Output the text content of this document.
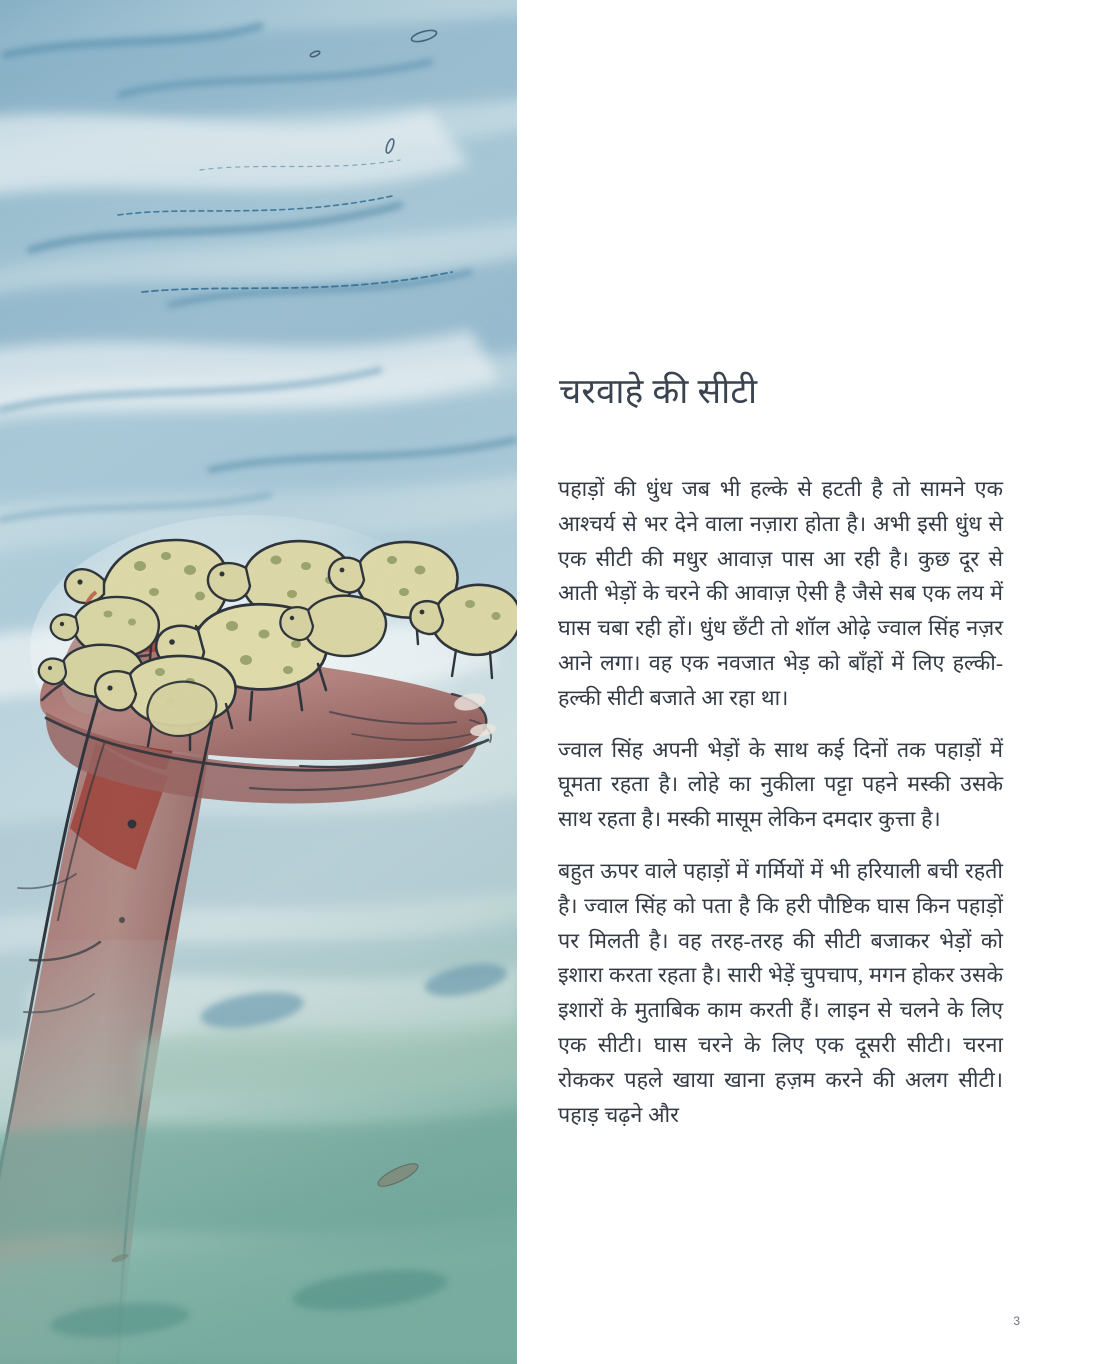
चरवाहे की सीटी

पहाड़ों की धुंध जब भी हल्के से हटती है तो सामने एक आश्चर्य से भर देने वाला नज़ारा होता है। अभी इसी धुंध से एक सीटी की मधुर आवाज़ पास आ रही है। कुछ दूर से आती भेड़ों के चरने की आवाज़ ऐसी है जैसे सब एक लय में घास चबा रही हों। धुंध छँटी तो शॉल ओढ़े ज्वाल सिंह नज़र आने लगा। वह एक नवजात भेड़ को बाँहों में लिए हल्की-हल्की सीटी बजाते आ रहा था।

ज्वाल सिंह अपनी भेड़ों के साथ कई दिनों तक पहाड़ों में घूमता रहता है। लोहे का नुकीला पट्टा पहने मस्की उसके साथ रहता है। मस्की मासूम लेकिन दमदार कुत्ता है।

बहुत ऊपर वाले पहाड़ों में गर्मियों में भी हरियाली बची रहती है। ज्वाल सिंह को पता है कि हरी पौष्टिक घास किन पहाड़ों पर मिलती है। वह तरह-तरह की सीटी बजाकर भेड़ों को इशारा करता रहता है। सारी भेड़ें चुपचाप, मगन होकर उसके इशारों के मुताबिक काम करती हैं। लाइन से चलने के लिए एक सीटी। घास चरने के लिए एक दूसरी सीटी। चरना रोककर पहले खाया खाना हज़म करने की अलग सीटी। पहाड़ चढ़ने और

3
